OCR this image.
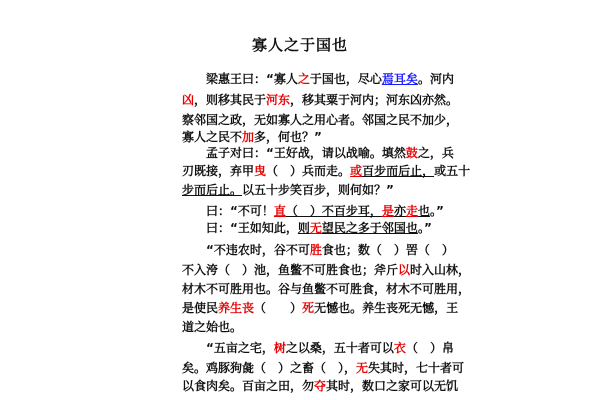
寡人之于国也
　　梁惠王曰：“寡人之于国也，尽心焉耳矣。河内
凶，则移其民于河东，移其粟于河内；河东凶亦然。
察邻国之政，无如寡人之用心者。邻国之民不加少，
寡人之民不加多，何也？”
　　孟子对曰：“王好战，请以战喻。填然鼓之，兵
刃既接，弃甲曳（　）兵而走。或百步而后止，或五十
步而后止。以五十步笑百步，则何如？”
　　曰：“不可！直（　）不百步耳，是亦走也。”
　　曰：“王如知此，则无望民之多于邻国也。”
　　“不违农时，谷不可胜食也；数（　）罟（　）
不入洿（　）池，鱼鳖不可胜食也；斧斤以时入山林，
材木不可胜用也。谷与鱼鳖不可胜食，材木不可胜用，
是使民养生丧（　　）死无憾也。养生丧死无憾，王
道之始也。
　　“五亩之宅，树之以桑，五十者可以衣（　）帛
矣。鸡豚狗彘（　）之畜（　），无失其时，七十者可
以食肉矣。百亩之田，勿夺其时，数口之家可以无饥
